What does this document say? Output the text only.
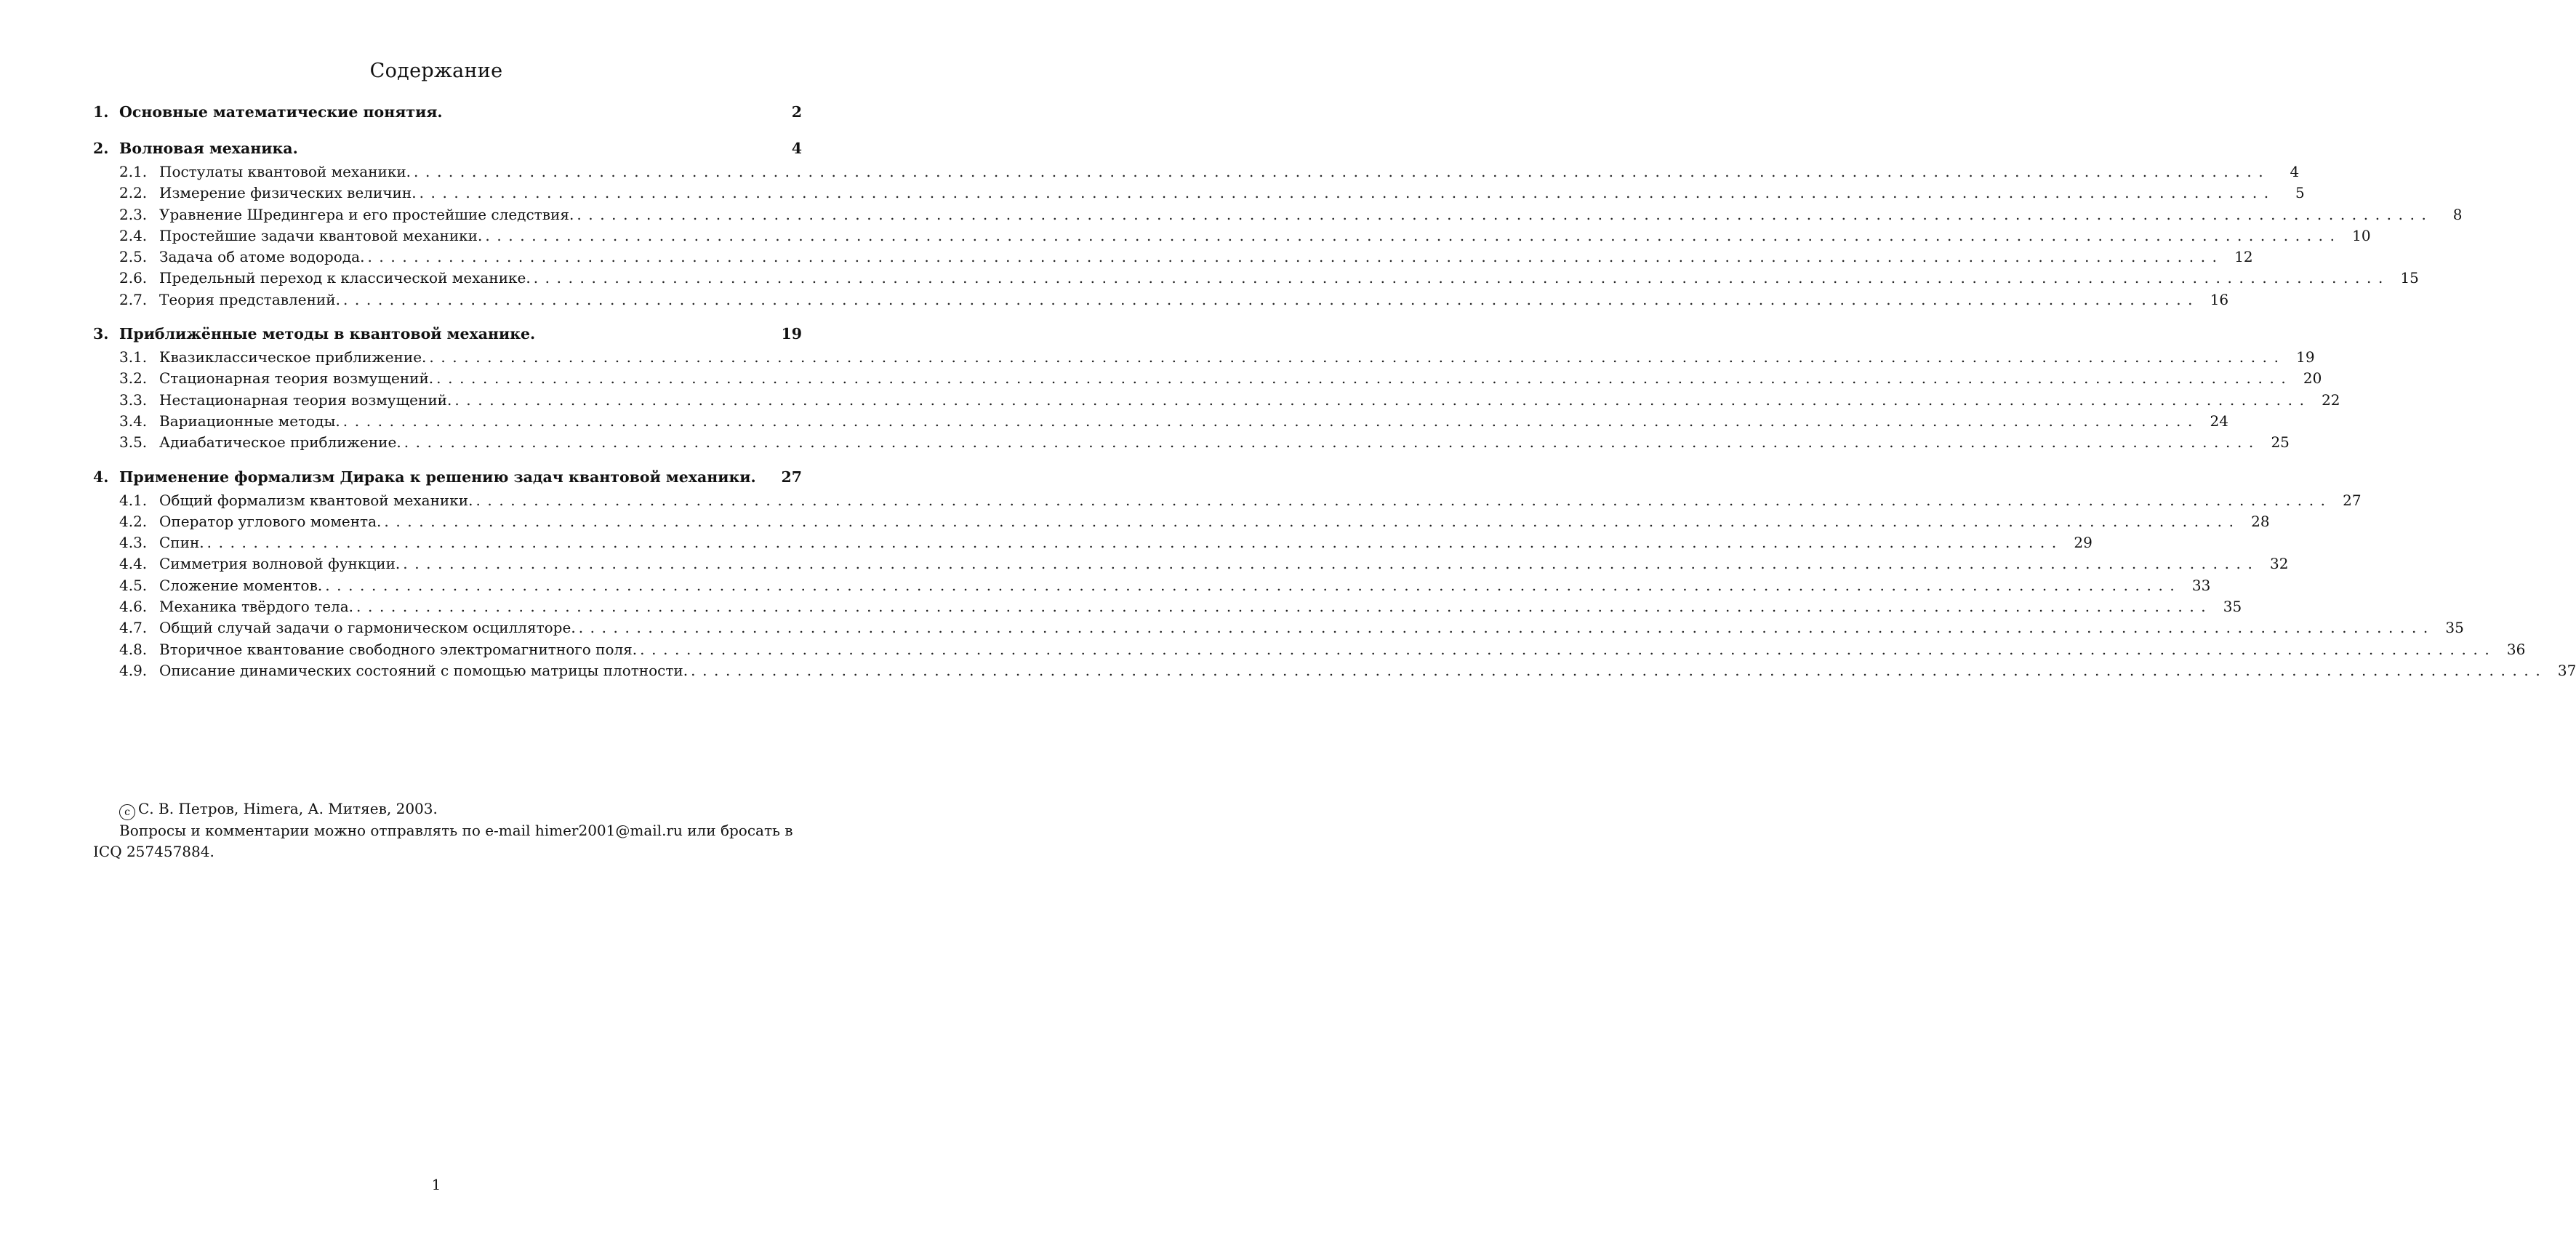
Содержание
1. Основные математические понятия.	2
2. Волновая механика.	4
2.1. Постулаты квантовой механики. ................................................................................................................................................................	4
2.2. Измерение физических величин. ................................................................................................................................................................	5
2.3. Уравнение Шредингера и его простейшие следствия. ................................................................................................................................................................	8
2.4. Простейшие задачи квантовой механики. ................................................................................................................................................................ 10
2.5. Задача об атоме водорода. ................................................................................................................................................................ 12
2.6. Предельный переход к классической механике. ................................................................................................................................................................ 15
2.7. Теория представлений. ................................................................................................................................................................ 16
3. Приближённые методы в квантовой механике.	19
3.1. Квазиклассическое приближение. ................................................................................................................................................................ 19
3.2. Стационарная теория возмущений. ................................................................................................................................................................ 20
3.3. Нестационарная теория возмущений. ................................................................................................................................................................ 22
3.4. Вариационные методы. ................................................................................................................................................................ 24
3.5. Адиабатическое приближение. ................................................................................................................................................................ 25
4. Применение формализм Дирака к решению задач квантовой механики.	27
4.1. Общий формализм квантовой механики. ................................................................................................................................................................ 27
4.2. Оператор углового момента. ................................................................................................................................................................ 28
4.3. Спин. ................................................................................................................................................................ 29
4.4. Симметрия волновой функции. ................................................................................................................................................................ 32
4.5. Сложение моментов. ................................................................................................................................................................ 33
4.6. Механика твёрдого тела. ................................................................................................................................................................ 35
4.7. Общий случай задачи о гармоническом осцилляторе. ................................................................................................................................................................ 35
4.8. Вторичное квантование свободного электромагнитного поля. ................................................................................................................................................................ 36
4.9. Описание динамических состояний с помощью матрицы плотности. ................................................................................................................................................................ 37

c С. В. Петров, Himera, А. Митяев, 2003.

Вопросы и комментарии можно отправлять по e-mail himer2001@mail.ru или бросать в ICQ 257457884.

1
